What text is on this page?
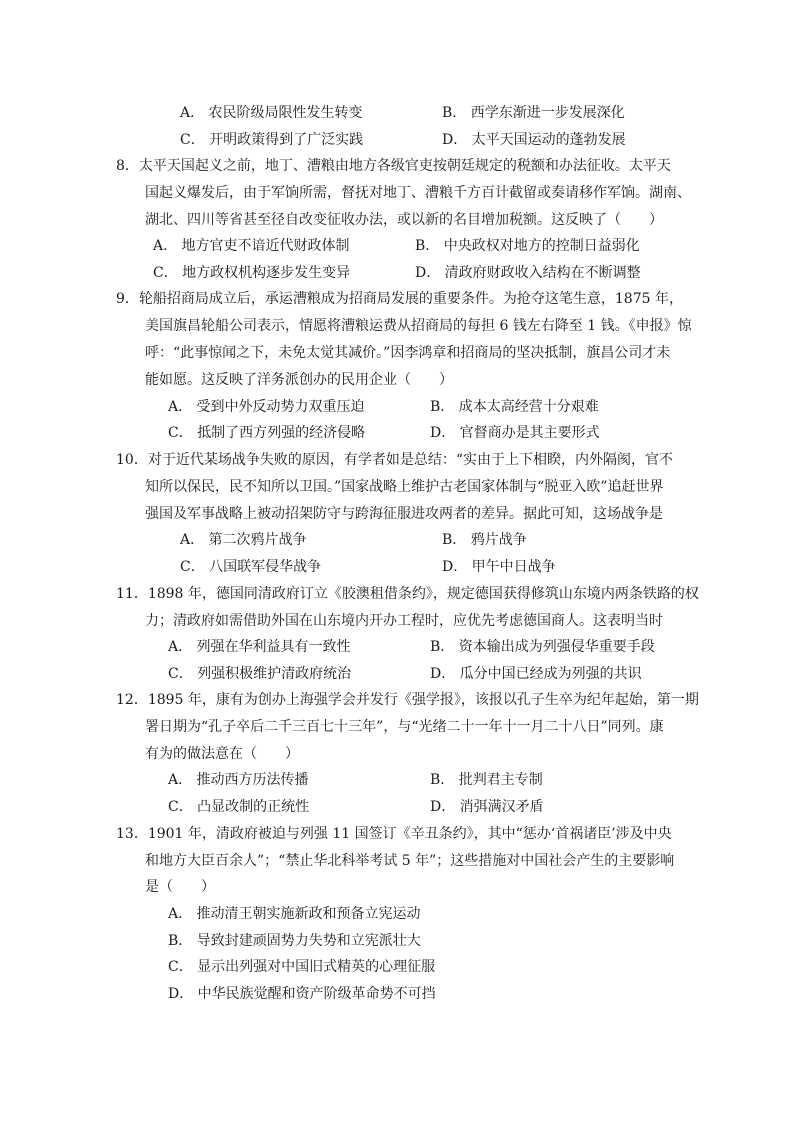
A． 农民阶级局限性发生转变	B． 西学东渐进一步发展深化
C． 开明政策得到了广泛实践	D． 太平天国运动的蓬勃发展
8．太平天国起义之前，地丁、漕粮由地方各级官吏按朝廷规定的税额和办法征收。太平天
国起义爆发后，由于军饷所需，督抚对地丁、漕粮千方百计截留或奏请移作军饷。湖南、
湖北、四川等省甚至径自改变征收办法，或以新的名目增加税额。这反映了（　　）
A． 地方官吏不谙近代财政体制	B． 中央政权对地方的控制日益弱化
C． 地方政权机构逐步发生变异	D． 清政府财政收入结构在不断调整
9．轮船招商局成立后，承运漕粮成为招商局发展的重要条件。为抢夺这笔生意，1875 年，
美国旗昌轮船公司表示，情愿将漕粮运费从招商局的每担 6 钱左右降至 1 钱。《申报》惊
呼：“此事惊闻之下，未免太觉其减价。”因李鸿章和招商局的坚决抵制，旗昌公司才未
能如愿。这反映了洋务派创办的民用企业（　　）
A． 受到中外反动势力双重压迫	B． 成本太高经营十分艰难
C． 抵制了西方列强的经济侵略	D． 官督商办是其主要形式
10．对于近代某场战争失败的原因，有学者如是总结：“实由于上下相睽，内外隔阂，官不
知所以保民，民不知所以卫国。”国家战略上维护古老国家体制与“脱亚入欧”追赶世界
强国及军事战略上被动招架防守与跨海征服进攻两者的差异。据此可知，这场战争是
A． 第二次鸦片战争	B． 鸦片战争
C． 八国联军侵华战争	D． 甲午中日战争
11．1898 年，德国同清政府订立《胶澳租借条约》，规定德国获得修筑山东境内两条铁路的权
力；清政府如需借助外国在山东境内开办工程时，应优先考虑德国商人。这表明当时
A． 列强在华利益具有一致性	B． 资本输出成为列强侵华重要手段
C． 列强积极维护清政府统治	D． 瓜分中国已经成为列强的共识
12．1895 年，康有为创办上海强学会并发行《强学报》，该报以孔子生卒为纪年起始，第一期
署日期为“孔子卒后二千三百七十三年”，与“光绪二十一年十一月二十八日”同列。康
有为的做法意在（　　）
A． 推动西方历法传播	B． 批判君主专制
C． 凸显改制的正统性	D． 消弭满汉矛盾
13．1901 年，清政府被迫与列强 11 国签订《辛丑条约》，其中“惩办‘首祸诸臣’涉及中央
和地方大臣百余人”；“禁止华北科举考试 5 年”；这些措施对中国社会产生的主要影响
是（　　）
A． 推动清王朝实施新政和预备立宪运动
B． 导致封建顽固势力失势和立宪派壮大
C． 显示出列强对中国旧式精英的心理征服
D． 中华民族觉醒和资产阶级革命势不可挡
